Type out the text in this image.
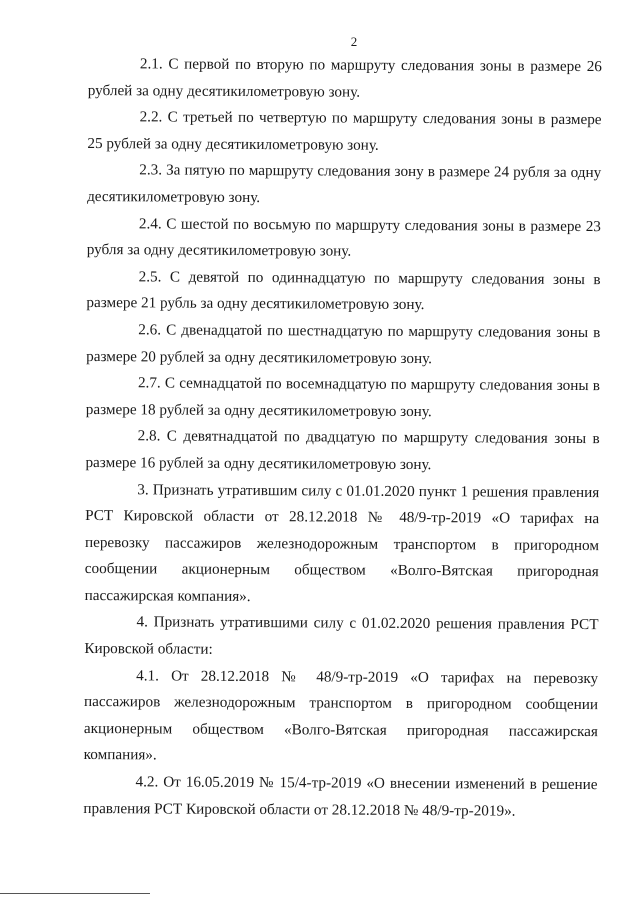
2

2.1. С первой по вторую по маршруту следования зоны в размере 26 рублей за одну десятикилометровую зону.

2.2. С третьей по четвертую по маршруту следования зоны в размере 25 рублей за одну десятикилометровую зону.

2.3. За пятую по маршруту следования зону в размере 24 рубля за одну десятикилометровую зону.

2.4. С шестой по восьмую по маршруту следования зоны в размере 23 рубля за одну десятикилометровую зону.

2.5. С девятой по одиннадцатую по маршруту следования зоны в размере 21 рубль за одну десятикилометровую зону.

2.6. С двенадцатой по шестнадцатую по маршруту следования зоны в размере 20 рублей за одну десятикилометровую зону.

2.7. С семнадцатой по восемнадцатую по маршруту следования зоны в размере 18 рублей за одну десятикилометровую зону.

2.8. С девятнадцатой по двадцатую по маршруту следования зоны в размере 16 рублей за одну десятикилометровую зону.

3. Признать утратившим силу с 01.01.2020 пункт 1 решения правления РСТ Кировской области от 28.12.2018 № 48/9-тр-2019 «О тарифах на перевозку пассажиров железнодорожным транспортом в пригородном сообщении акционерным обществом «Волго-Вятская пригородная пассажирская компания».

4. Признать утратившими силу с 01.02.2020 решения правления РСТ Кировской области:

4.1. От 28.12.2018 № 48/9-тр-2019 «О тарифах на перевозку пассажиров железнодорожным транспортом в пригородном сообщении акционерным обществом «Волго-Вятская пригородная пассажирская компания».

4.2. От 16.05.2019 № 15/4-тр-2019 «О внесении изменений в решение правления РСТ Кировской области от 28.12.2018 № 48/9-тр-2019».
